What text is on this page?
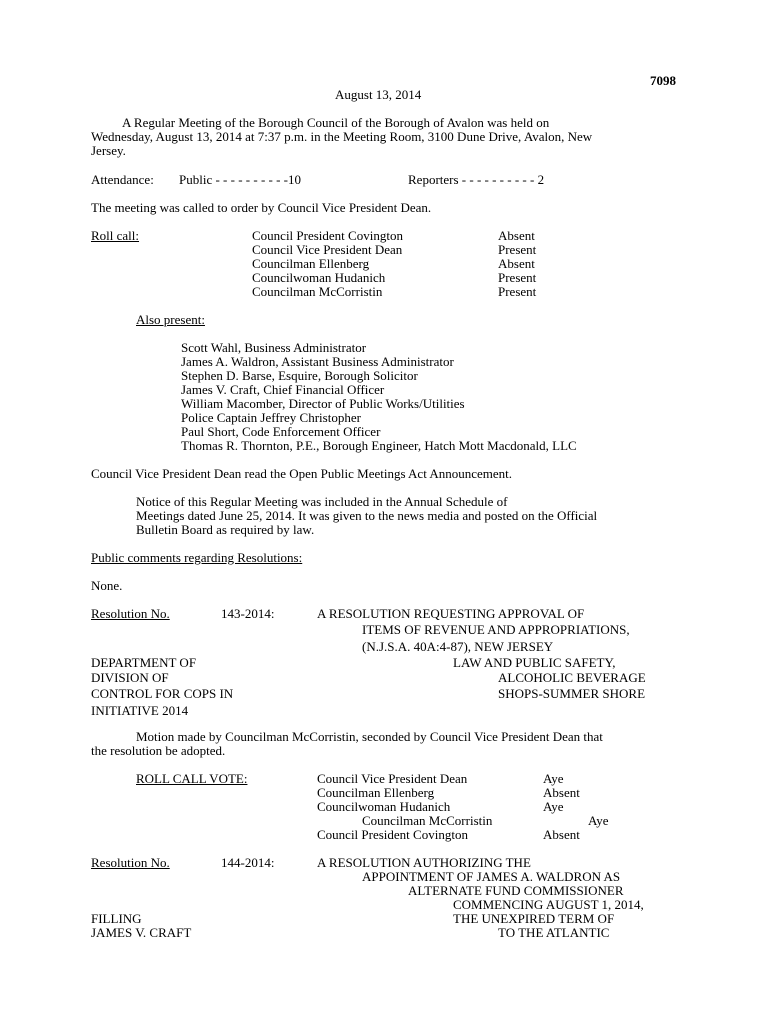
7098
August 13, 2014
A Regular Meeting of the Borough Council of the Borough of Avalon was held on
Wednesday, August 13, 2014 at 7:37 p.m. in the Meeting Room, 3100 Dune Drive, Avalon, New
Jersey.
Attendance: Public - - - - - - - - - -10	Reporters - - - - - - - - - - 2
The meeting was called to order by Council Vice President Dean.
Roll call:	Council President Covington	Absent
Council Vice President Dean	Present
Councilman Ellenberg	Absent
Councilwoman Hudanich	Present
Councilman McCorristin	Present
Also present:
Scott Wahl, Business Administrator
James A. Waldron, Assistant Business Administrator
Stephen D. Barse, Esquire, Borough Solicitor
James V. Craft, Chief Financial Officer
William Macomber, Director of Public Works/Utilities
Police Captain Jeffrey Christopher
Paul Short, Code Enforcement Officer
Thomas R. Thornton, P.E., Borough Engineer, Hatch Mott Macdonald, LLC
Council Vice President Dean read the Open Public Meetings Act Announcement.
Notice of this Regular Meeting was included in the Annual Schedule of
Meetings dated June 25, 2014. It was given to the news media and posted on the Official
Bulletin Board as required by law.
Public comments regarding Resolutions:
None.
Resolution No.	143-2014:	A RESOLUTION REQUESTING APPROVAL OF
ITEMS OF REVENUE AND APPROPRIATIONS,
(N.J.S.A. 40A:4-87), NEW JERSEY
DEPARTMENT OF	LAW AND PUBLIC SAFETY,
DIVISION OF	ALCOHOLIC BEVERAGE
CONTROL FOR COPS IN	SHOPS-SUMMER SHORE
INITIATIVE 2014
Motion made by Councilman McCorristin, seconded by Council Vice President Dean that
the resolution be adopted.
ROLL CALL VOTE:	Council Vice President Dean	Aye
Councilman Ellenberg	Absent
Councilwoman Hudanich	Aye
Councilman McCorristin	Aye
Council President Covington	Absent
Resolution No.	144-2014:	A RESOLUTION AUTHORIZING THE
APPOINTMENT OF JAMES A. WALDRON AS
ALTERNATE FUND COMMISSIONER
COMMENCING AUGUST 1, 2014,
FILLING	THE UNEXPIRED TERM OF
JAMES V. CRAFT	TO THE ATLANTIC
